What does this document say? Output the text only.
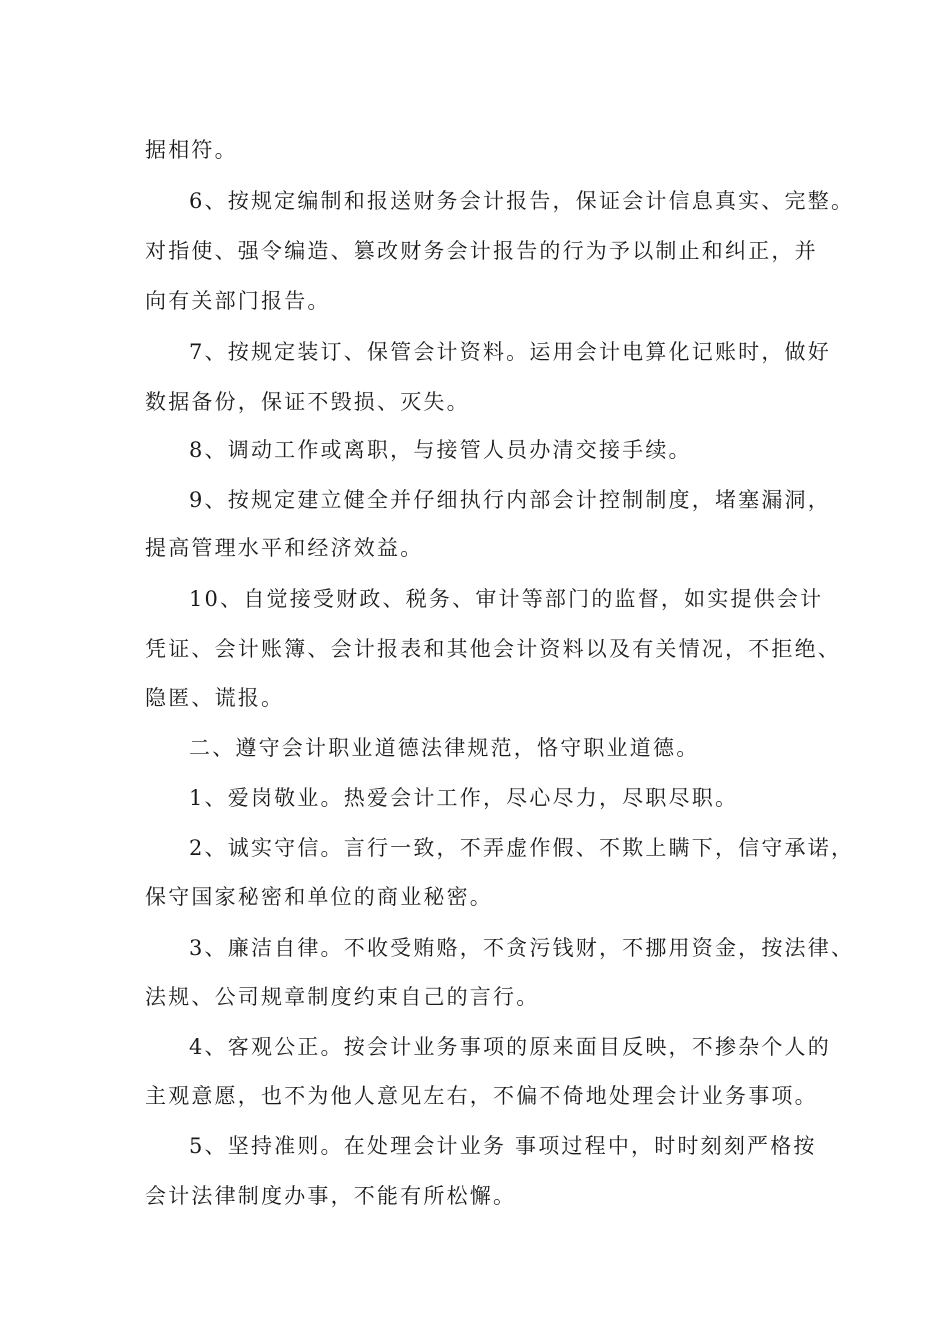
据相符。
6、按规定编制和报送财务会计报告，保证会计信息真实、完整。
对指使、强令编造、篡改财务会计报告的行为予以制止和纠正，并
向有关部门报告。
7、按规定装订、保管会计资料。运用会计电算化记账时，做好
数据备份，保证不毁损、灭失。
8、调动工作或离职，与接管人员办清交接手续。
9、按规定建立健全并仔细执行内部会计控制制度，堵塞漏洞，
提高管理水平和经济效益。
10、自觉接受财政、税务、审计等部门的监督，如实提供会计
凭证、会计账簿、会计报表和其他会计资料以及有关情况，不拒绝、
隐匿、谎报。
二、遵守会计职业道德法律规范，恪守职业道德。
1、爱岗敬业。热爱会计工作，尽心尽力，尽职尽职。
2、诚实守信。言行一致，不弄虚作假、不欺上瞒下，信守承诺，
保守国家秘密和单位的商业秘密。
3、廉洁自律。不收受贿赂，不贪污钱财，不挪用资金，按法律、
法规、公司规章制度约束自己的言行。
4、客观公正。按会计业务事项的原来面目反映，不掺杂个人的
主观意愿，也不为他人意见左右，不偏不倚地处理会计业务事项。
5、坚持准则。在处理会计业务 事项过程中，时时刻刻严格按
会计法律制度办事，不能有所松懈。
